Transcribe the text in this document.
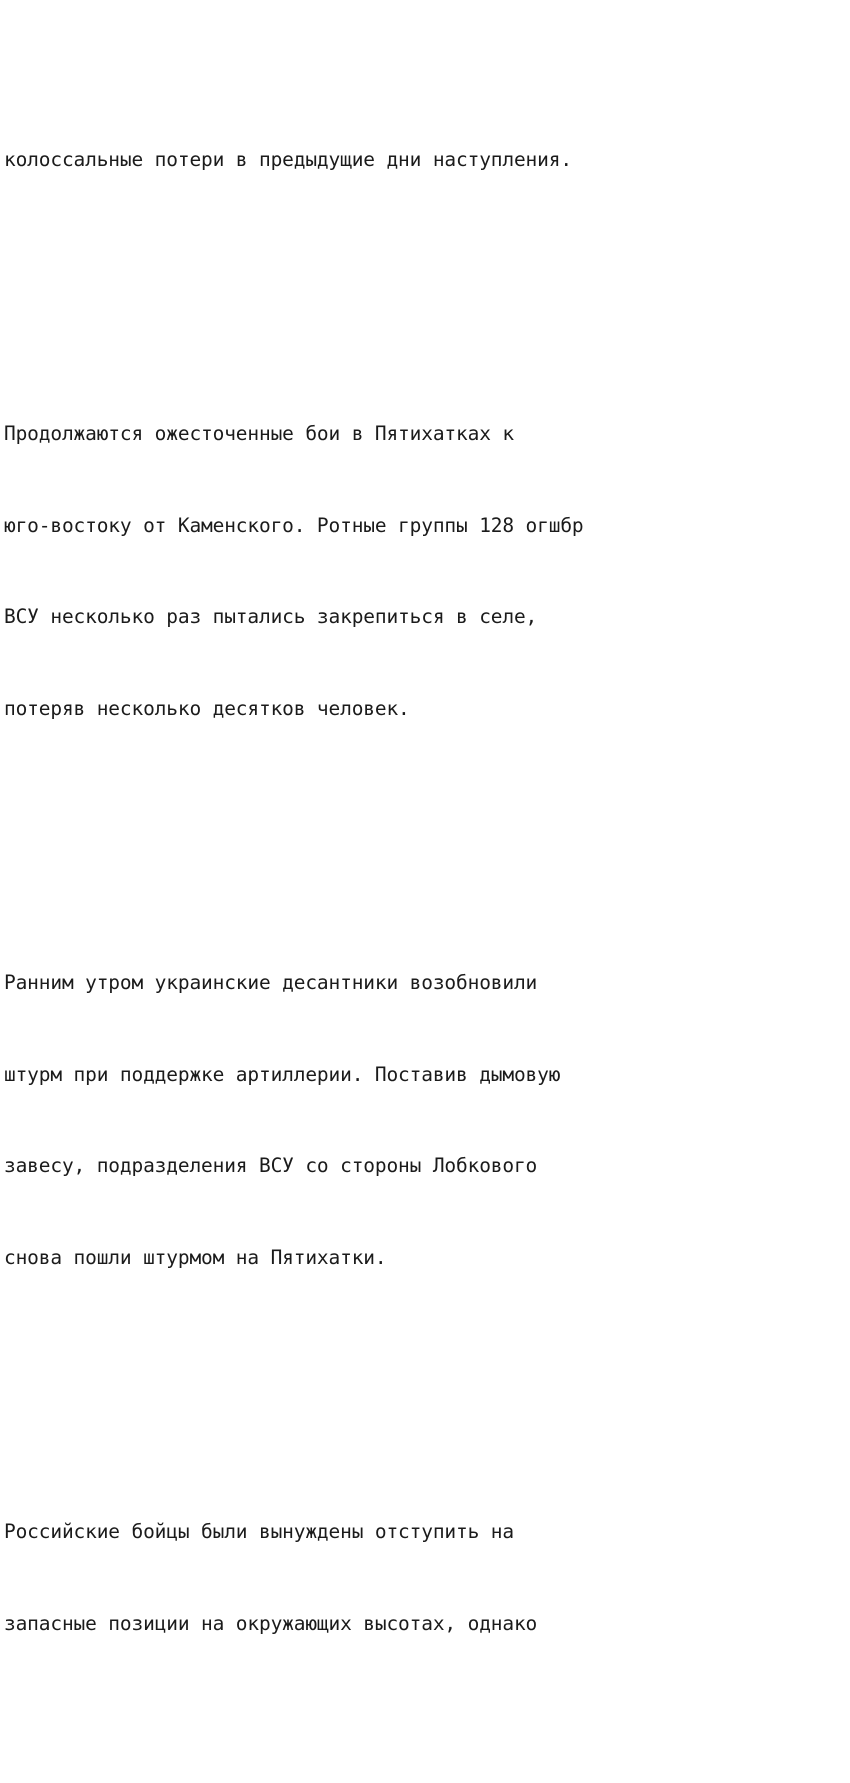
колоссальные потери в предыдущие дни наступления.

Продолжаются ожесточенные бои в Пятихатках к

юго-востоку от Каменского. Ротные группы 128 огшбр

ВСУ несколько раз пытались закрепиться в селе,

потеряв несколько десятков человек.

Ранним утром украинские десантники возобновили

штурм при поддержке артиллерии. Поставив дымовую

завесу, подразделения ВСУ со стороны Лобкового

снова пошли штурмом на Пятихатки.

Российские бойцы были вынуждены отступить на

запасные позиции на окружающих высотах, однако
